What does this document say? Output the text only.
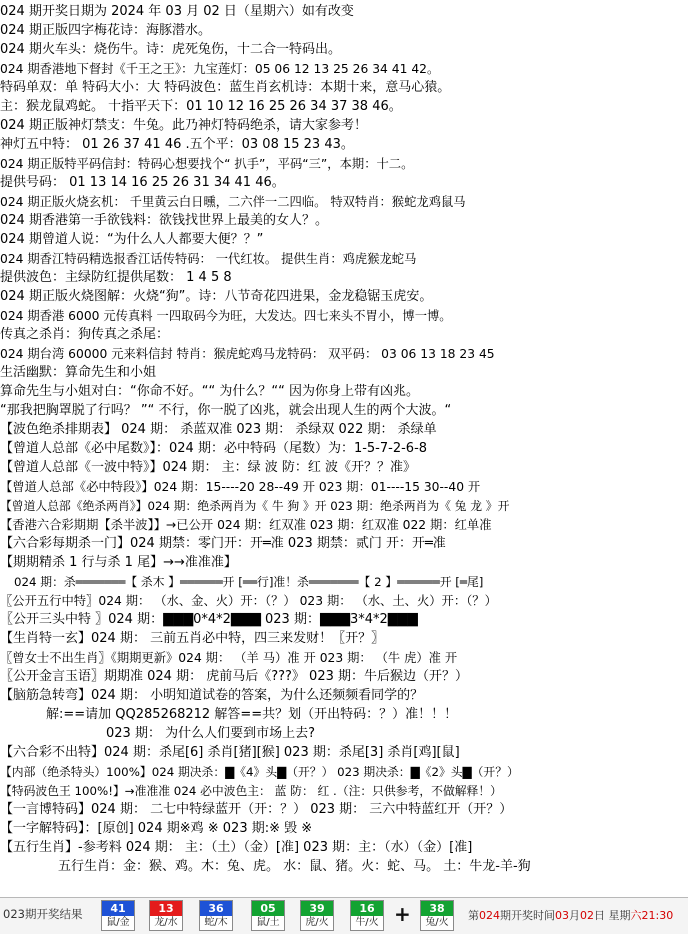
024 期开奖日期为 2024 年 03 月 02 日（星期六）如有改变
024 期正版四字梅花诗：海豚潜水。
024 期火车头：烧伤牛。诗：虎死兔伤，十二合一特码出。
024 期香港地下督封《千王之王》：九宝莲灯：05 06 12 13 25 26 34 41 42。
特码单双：单 特码大小：大 特码波色：蓝生肖玄机诗：本期十来，意马心猿。
主：猴龙鼠鸡蛇。 十指平天下：01 10 12 16 25 26 34 37 38 46。
024 期正版神灯禁支：牛兔。此乃神灯特码绝杀，请大家参考！
神灯五中特： 01 26 37 41 46 .五个平：03 08 15 23 43。
024 期正版特平码信封：特码心想要找个“ 扒手”，平码“三”，本期：十二。
提供号码： 01 13 14 16 25 26 31 34 41 46。
024 期正版火烧玄机： 千里黄云白日曛，二六伴一二四临。 特双特肖：猴蛇龙鸡鼠马
024 期香港第一手欲钱料：欲钱找世界上最美的女人？。
024 期曾道人说：“为什么人人都要大便？？”
024 期香江特码精选报香江话传特码： 一代红妆。 提供生肖：鸡虎猴龙蛇马
提供波色：主绿防红提供尾数： 1 4 5 8
024 期正版火烧图解：火烧“狗”。诗：八节奇花四进果，金龙稳锯玉虎安。
024 期香港 6000 元传真料 一四取码今为旺，大发达。四七来头不胃小，博一博。
传真之杀肖：狗传真之杀尾：
024 期台湾 60000 元来料信封 特肖：猴虎蛇鸡马龙特码： 双平码： 03 06 13 18 23 45
生活幽默：算命先生和小姐
算命先生与小姐对白：“你命不好。““ 为什么？““ 因为你身上带有凶兆。
“那我把胸罩脱了行吗？ ”“ 不行，你一脱了凶兆，就会出现人生的两个大波。“
【波色绝杀排期表】 024 期： 杀蓝双准 023 期： 杀绿双 022 期： 杀绿单
【曾道人总部《必中尾数》】：024 期：必中特码（尾数）为：1-5-7-2-6-8
【曾道人总部《一波中特》】024 期： 主：绿 波 防：红 波《开？？准》
【曾道人总部《必中特段》】024 期：15----20 28--49 开 023 期：01----15 30--40 开
【曾道人总部《绝杀两肖》】024 期：绝杀两肖为《 牛 狗 》开 023 期：绝杀两肖为《 兔 龙 》开
【香港六合彩期期【杀半波】】→已公开 024 期：红双准 023 期：红双准 022 期：红单准
【六合彩每期杀一门】024 期禁：零门开：开═准 023 期禁：贰门 开：开═准
【期期精杀 1 行与杀 1 尾】→→准准准】
024 期：杀═══════【 杀木 】══════开 [══行]准！杀═══════【 2 】══════开 [═尾]
〖公开五行中特〗024 期： （水、金、火）开：（？） 023 期： （水、土、火）开：（？）
〖公开三头中特 〗024 期：▇▇▇0*4*2▇▇▇ 023 期：▇▇▇3*4*2▇▇▇
【生肖特一玄】024 期： 三前五肖必中特，四三来发财！〖开？〗
〖曾女士不出生肖〗《期期更新》024 期： （羊 马）准 开 023 期： （牛 虎）准 开
〖公开金言玉语〗期期准 024 期： 虎前马后《???》 023 期：牛后猴边（开？）
【脑筋急转弯】024 期： 小明知道试卷的答案，为什么还频频看同学的？
解:==请加 QQ285268212 解答==共？划（开出特码：？）准！！！
023 期： 为什么人们要到市场上去?
【六合彩不出特】024 期：杀尾[6] 杀肖[猪][猴] 023 期：杀尾[3] 杀肖[鸡][鼠]
【内部（绝杀特头）100%】024 期决杀：▇《4》头▇（开？） 023 期决杀：▇《2》头▇（开？）
【特码波色王 100%!】→准准准 024 必中波色主： 蓝 防： 红 .（注：只供参考，不做解释！）
【一言博特码】024 期： 二七中特绿蓝开（开：？） 023 期： 三六中特蓝红开（开？）
【一字解特码】：[原创] 024 期※鸡 ※ 023 期:※ 毁 ※
【五行生肖】-参考料 024 期： 主：（土）（金）[准] 023 期：主：（水）（金）[准]
五行生肖：金：猴、鸡。木：兔、虎。 水：鼠、猪。火：蛇、马。 土：牛龙-羊-狗
023期开奖结果	41
鼠/金
13
龙/水
36
蛇/木
05
鼠/土
39
虎/火
16
牛/火 +	38
兔/火
第024期开奖时间03月02日 星期六21:30
